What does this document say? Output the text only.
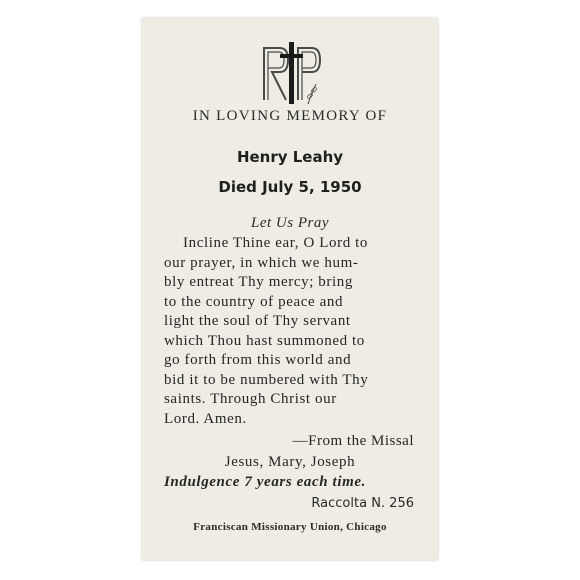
IN LOVING MEMORY OF
Henry Leahy
Died July 5, 1950
Let Us Pray
Incline Thine ear, O Lord to
our prayer, in which we hum-
bly entreat Thy mercy; bring
to the country of peace and
light the soul of Thy servant
which Thou hast summoned to
go forth from this world and
bid it to be numbered with Thy
saints. Through Christ our
Lord. Amen.
—From the Missal
Jesus, Mary, Joseph
Indulgence 7 years each time.
Raccolta N. 256
Franciscan Missionary Union, Chicago
